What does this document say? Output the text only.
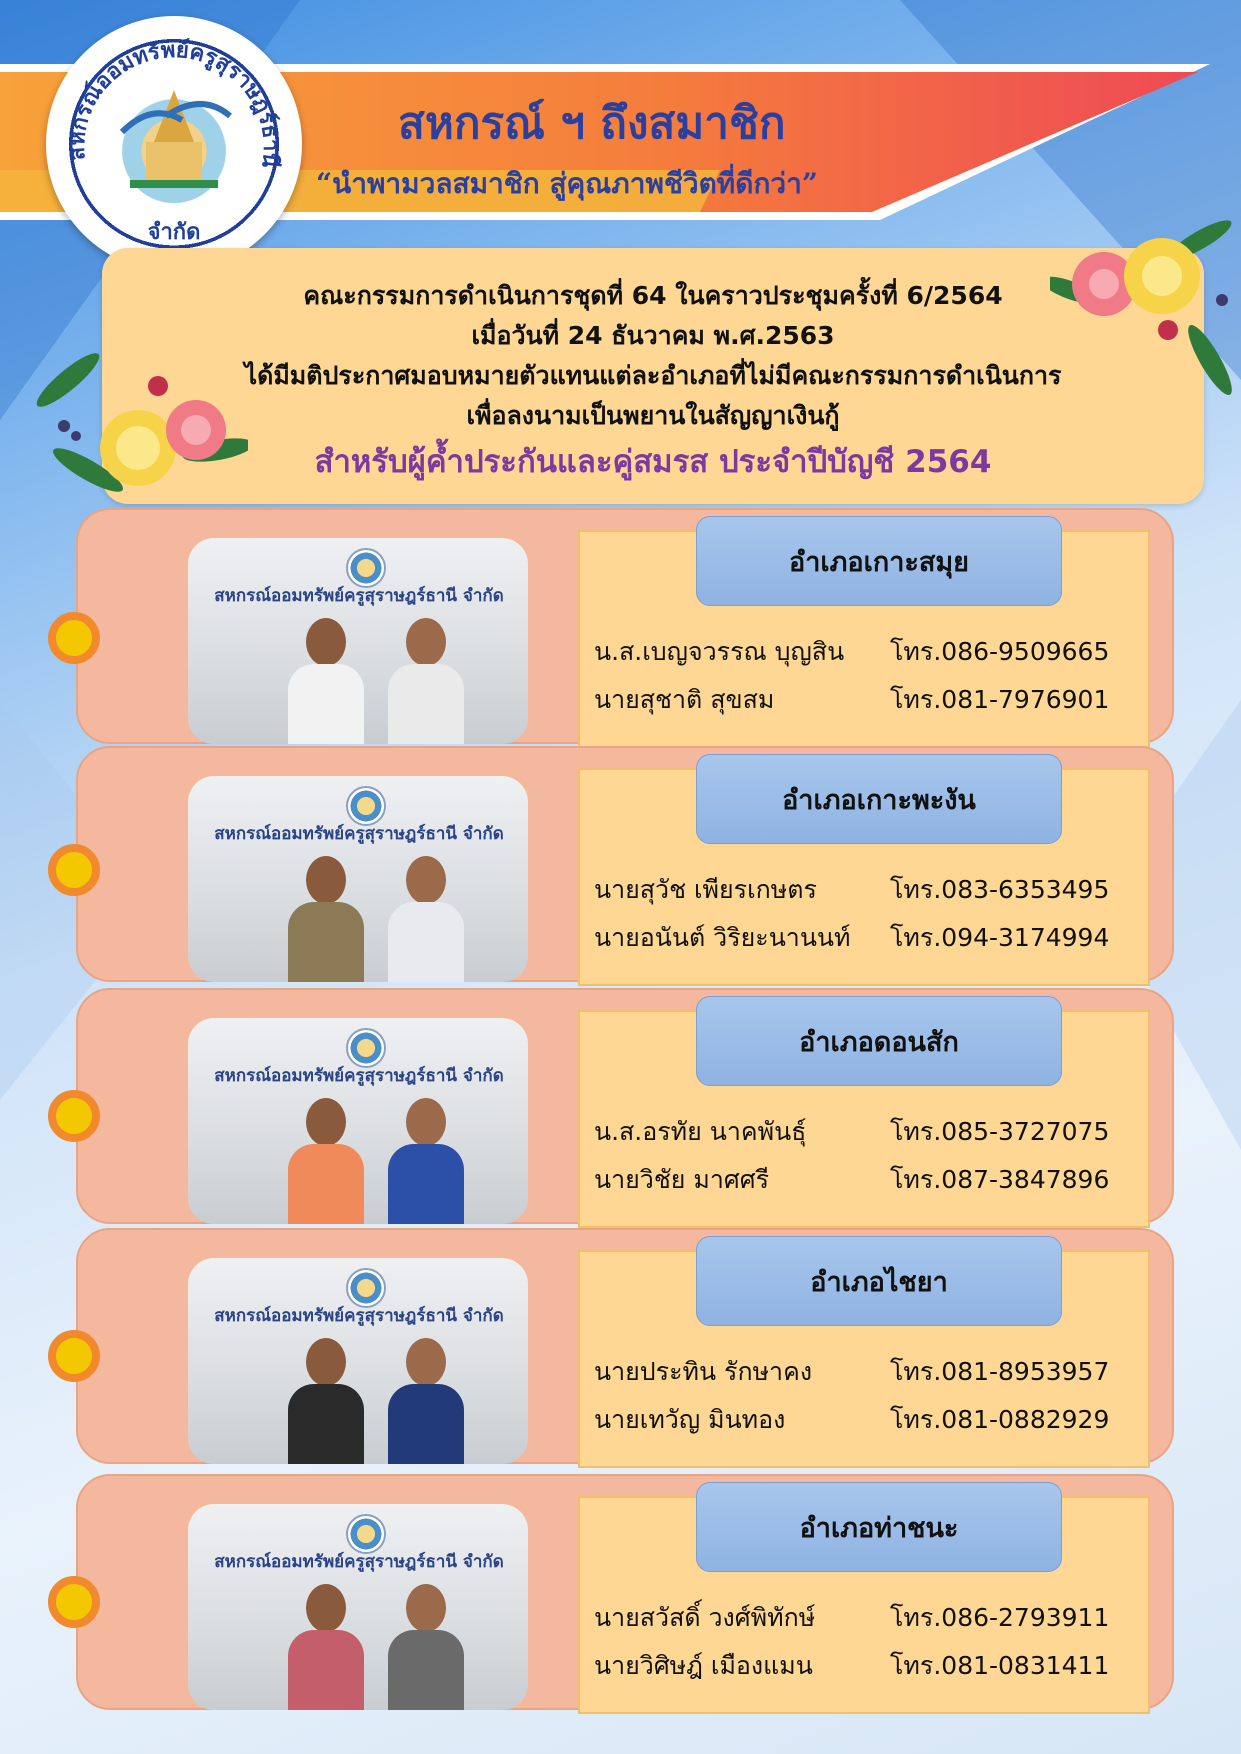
สหกรณ์ออมทรัพย์ครูสุราษฎร์ธานี
จำกัด
สหกรณ์ ฯ ถึงสมาชิก
“นำพามวลสมาชิก สู่คุณภาพชีวิตที่ดีกว่า”
คณะกรรมการดำเนินการชุดที่ 64 ในคราวประชุมครั้งที่ 6/2564
เมื่อวันที่ 24 ธันวาคม พ.ศ.2563
ได้มีมติประกาศมอบหมายตัวแทนแต่ละอำเภอที่ไม่มีคณะกรรมการดำเนินการ
เพื่อลงนามเป็นพยานในสัญญาเงินกู้
สำหรับผู้ค้ำประกันและคู่สมรส ประจำปีบัญชี 2564
สหกรณ์ออมทรัพย์ครูสุราษฎร์ธานี จำกัด
อำเภอเกาะสมุย
น.ส.เบญจวรรณ บุญสิน โทร.086-9509665
นายสุชาติ สุขสม	โทร.081-7976901
สหกรณ์ออมทรัพย์ครูสุราษฎร์ธานี จำกัด
อำเภอเกาะพะงัน
นายสุวัช เพียรเกษตร	โทร.083-6353495
นายอนันต์ วิริยะนานนท์ โทร.094-3174994
สหกรณ์ออมทรัพย์ครูสุราษฎร์ธานี จำกัด
อำเภอดอนสัก
น.ส.อรทัย นาคพันธุ์	โทร.085-3727075
นายวิชัย มาศศรี	โทร.087-3847896
สหกรณ์ออมทรัพย์ครูสุราษฎร์ธานี จำกัด
อำเภอไชยา
นายประทิน รักษาคง	โทร.081-8953957
นายเทวัญ มินทอง	โทร.081-0882929
สหกรณ์ออมทรัพย์ครูสุราษฎร์ธานี จำกัด
อำเภอท่าชนะ
นายสวัสดิ์ วงศ์พิทักษ์	โทร.086-2793911
นายวิศิษฎ์ เมืองแมน	โทร.081-0831411
